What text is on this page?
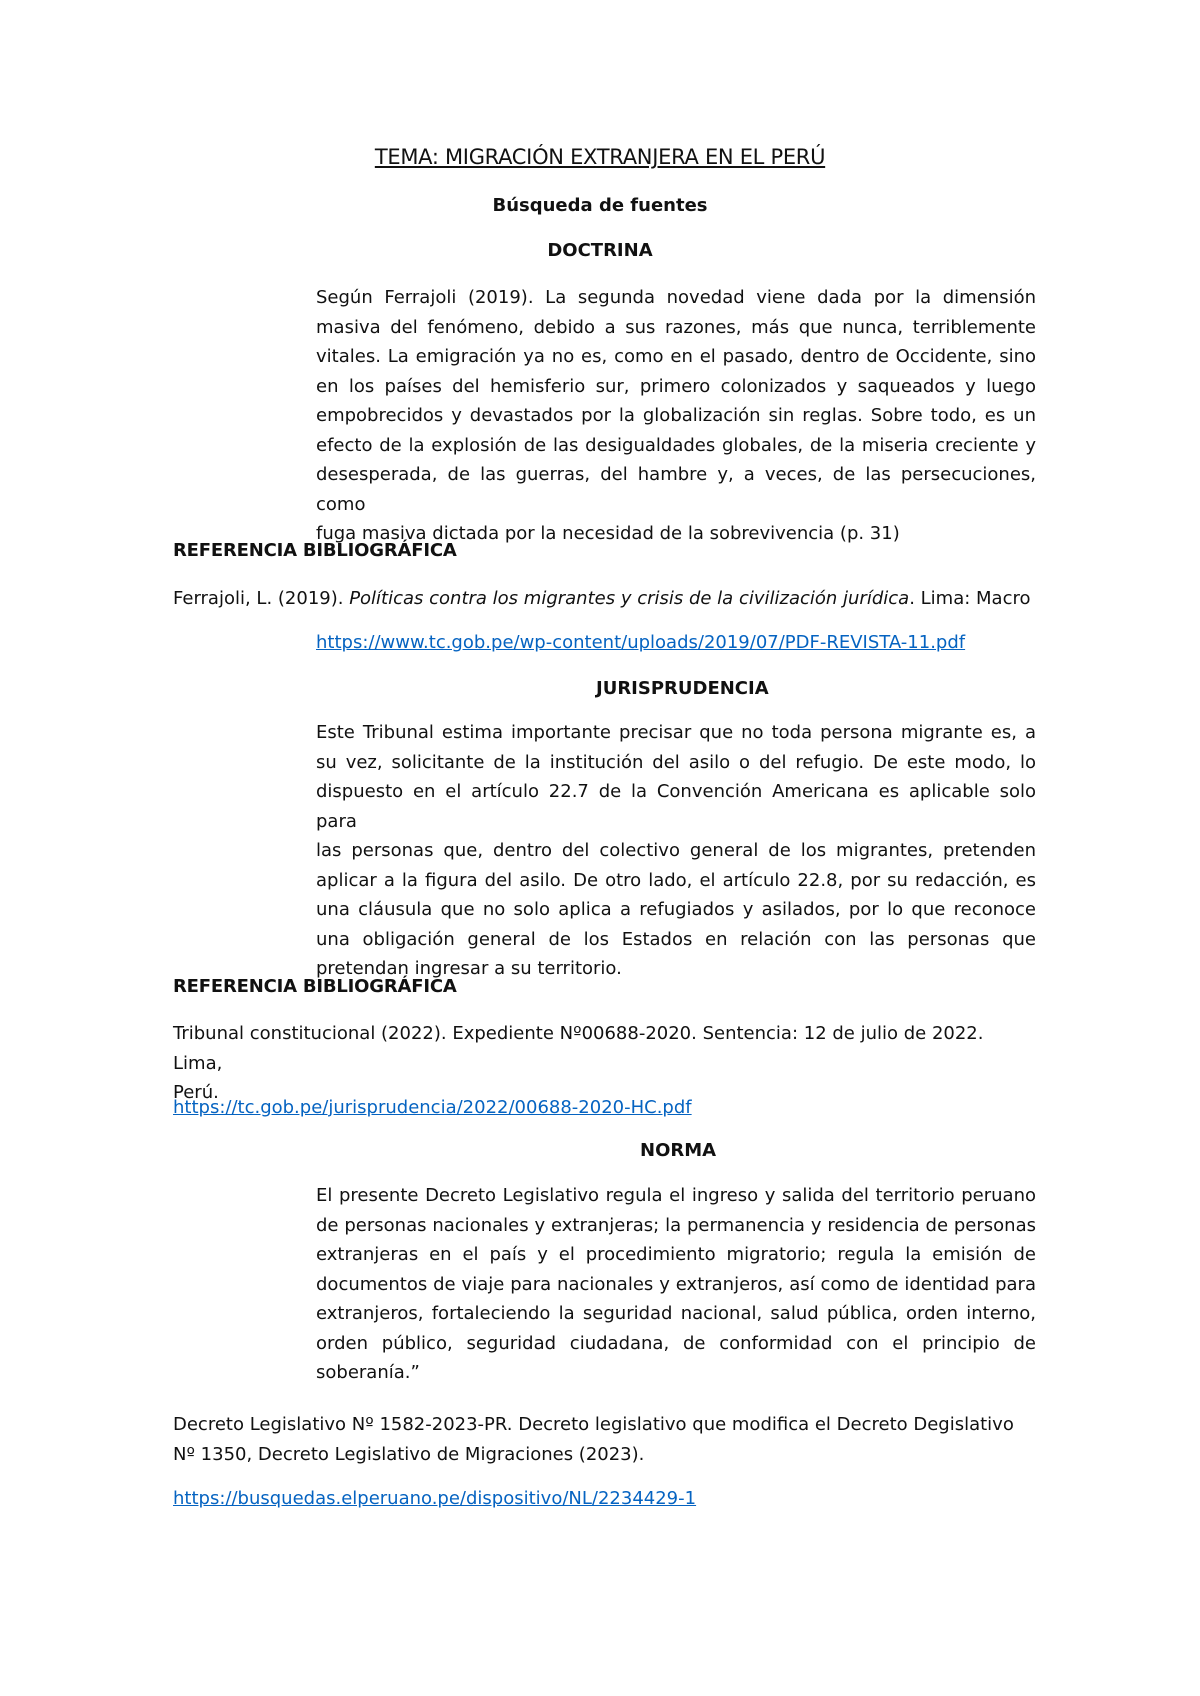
TEMA: MIGRACIÓN EXTRANJERA EN EL PERÚ
Búsqueda de fuentes
DOCTRINA
Según Ferrajoli (2019). La segunda novedad viene dada por la dimensión
masiva del fenómeno, debido a sus razones, más que nunca, terriblemente
vitales. La emigración ya no es, como en el pasado, dentro de Occidente, sino
en los países del hemisferio sur, primero colonizados y saqueados y luego
empobrecidos y devastados por la globalización sin reglas. Sobre todo, es un
efecto de la explosión de las desigualdades globales, de la miseria creciente y
desesperada, de las guerras, del hambre y, a veces, de las persecuciones, como
fuga masiva dictada por la necesidad de la sobrevivencia (p. 31)
REFERENCIA BIBLIOGRÁFICA
Ferrajoli, L. (2019). Políticas contra los migrantes y crisis de la civilización jurídica. Lima: Macro
https://www.tc.gob.pe/wp-content/uploads/2019/07/PDF-REVISTA-11.pdf
JURISPRUDENCIA
Este Tribunal estima importante precisar que no toda persona migrante es, a
su vez, solicitante de la institución del asilo o del refugio. De este modo, lo
dispuesto en el artículo 22.7 de la Convención Americana es aplicable solo para
las personas que, dentro del colectivo general de los migrantes, pretenden
aplicar a la figura del asilo. De otro lado, el artículo 22.8, por su redacción, es
una cláusula que no solo aplica a refugiados y asilados, por lo que reconoce
una obligación general de los Estados en relación con las personas que
pretendan ingresar a su territorio.
REFERENCIA BIBLIOGRÁFICA
Tribunal constitucional (2022). Expediente Nº00688-2020. Sentencia: 12 de julio de 2022. Lima,
Perú.
https://tc.gob.pe/jurisprudencia/2022/00688-2020-HC.pdf
NORMA
El presente Decreto Legislativo regula el ingreso y salida del territorio peruano
de personas nacionales y extranjeras; la permanencia y residencia de personas
extranjeras en el país y el procedimiento migratorio; regula la emisión de
documentos de viaje para nacionales y extranjeros, así como de identidad para
extranjeros, fortaleciendo la seguridad nacional, salud pública, orden interno,
orden público, seguridad ciudadana, de conformidad con el principio de
soberanía.”
Decreto Legislativo Nº 1582-2023-PR. Decreto legislativo que modifica el Decreto Degislativo
Nº 1350, Decreto Legislativo de Migraciones (2023).
https://busquedas.elperuano.pe/dispositivo/NL/2234429-1
